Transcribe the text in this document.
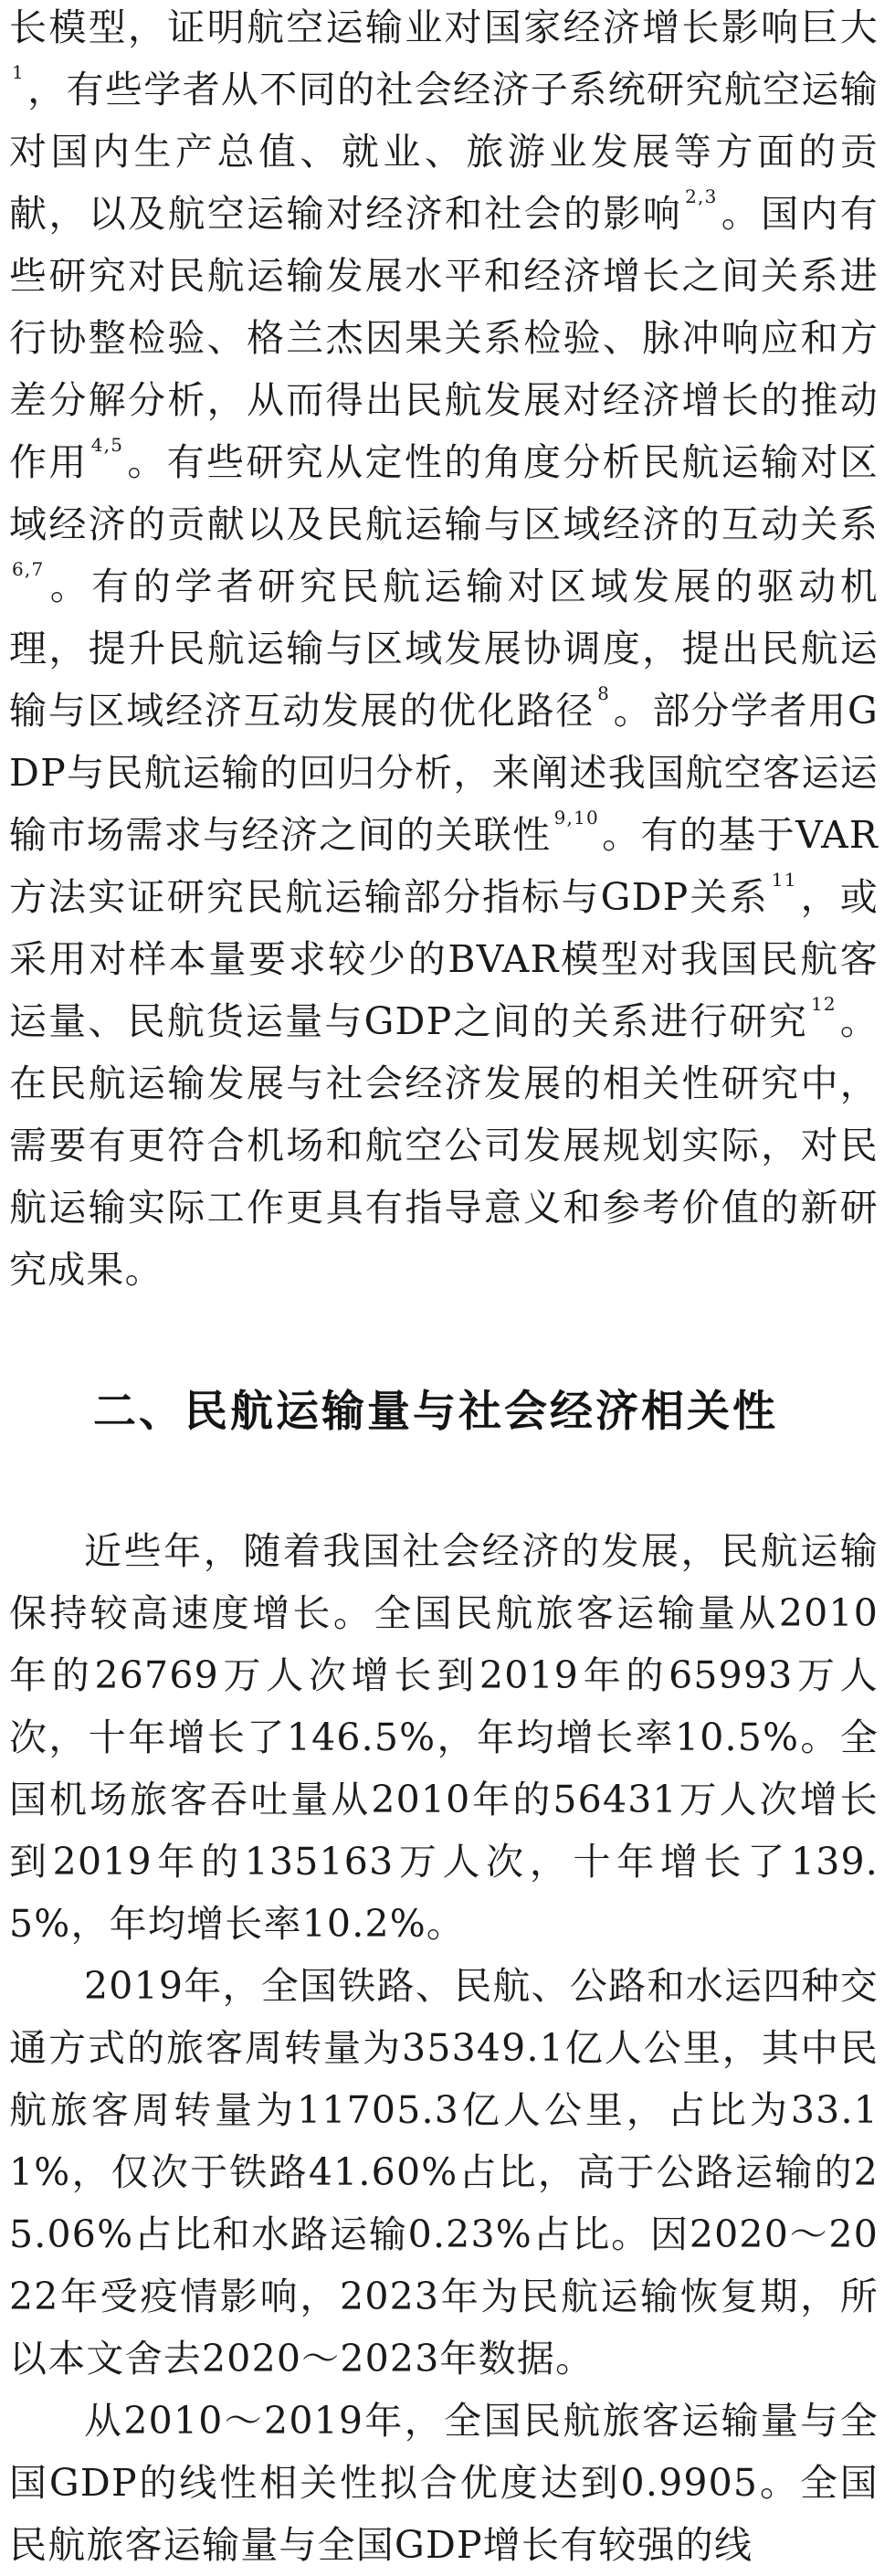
长模型，证明航空运输业对国家经济增长影响巨大$^1$，有些学者从不同的社会经济子系统研究航空运输对国内生产总值、就业、旅游业发展等方面的贡献，以及航空运输对经济和社会的影响 $^{2,3}$。国内有些研究对民航运输发展水平和经济增长之间关系进行协整检验、格兰杰因果关系检验、脉冲响应和方差分解分析，从而得出民航发展对经济增长的推动作用 $^{4,5}$。有些研究从定性的角度分析民航运输对区域经济的贡献以及民航运输与区域经济的互动关系$^{6,7}$。有的学者研究民航运输对区域发展的驱动机理，提升民航运输与区域发展协调度，提出民航运输与区域经济互动发展的优化路径 $^8$。部分学者用GDP与民航运输的回归分析，来阐述我国航空客运运输市场需求与经济之间的关联性 $^{9,10}$。有的基于VAR方法实证研究民航运输部分指标与GDP关系 $^{11}$，或采用对样本量要求较少的BVAR模型对我国民航客运量、民航货运量与GDP之间的关系进行研究 $^{12}$。在民航运输发展与社会经济发展的相关性研究中，需要有更符合机场和航空公司发展规划实际，对民航运输实际工作更具有指导意义和参考价值的新研究成果。

二、民航运输量与社会经济相关性

近些年，随着我国社会经济的发展，民航运输保持较高速度增长。全国民航旅客运输量从2010年的26769万人次增长到2019年的65993万人次，十年增长了146.5%，年均增长率10.5%。全国机场旅客吞吐量从2010年的56431万人次增长到2019年的135163万人次，十年增长了139.5%，年均增长率10.2%。

2019年，全国铁路、民航、公路和水运四种交通方式的旅客周转量为35349.1亿人公里，其中民航旅客周转量为11705.3亿人公里，占比为33.11%，仅次于铁路41.60%占比，高于公路运输的25.06%占比和水路运输0.23%占比。因2020～2022年受疫情影响，2023年为民航运输恢复期，所以本文舍去2020～2023年数据。

从2010～2019年，全国民航旅客运输量与全国GDP的线性相关性拟合优度达到0.9905。全国民航旅客运输量与全国GDP增长有较强的线
